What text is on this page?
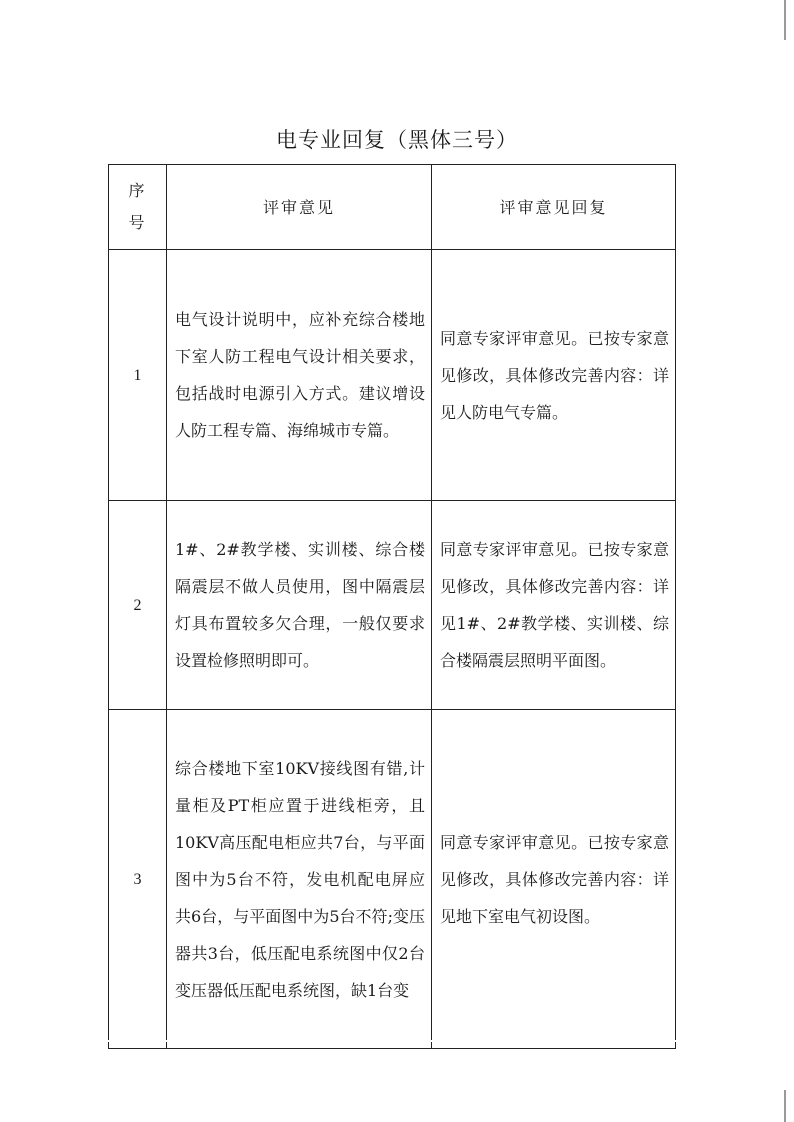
电专业回复（黑体三号）
序
号	评审意见	评审意见回复
1	电气设计说明中，应补充综合楼地下室人防工程电气设计相关要求，包括战时电源引入方式。建议增设人防工程专篇、海绵城市专篇。	同意专家评审意见。已按专家意见修改，具体修改完善内容：详见人防电气专篇。

2	1#、2#教学楼、实训楼、综合楼隔震层不做人员使用，图中隔震层灯具布置较多欠合理，一般仅要求设置检修照明即可。	同意专家评审意见。已按专家意见修改，具体修改完善内容：详见1#、2#教学楼、实训楼、综合楼隔震层照明平面图。

3	综合楼地下室10KV接线图有错,计量柜及PT柜应置于进线柜旁，且10KV高压配电柜应共7台，与平面图中为5台不符，发电机配电屏应共6台，与平面图中为5台不符;变压器共3台，低压配电系统图中仅2台变压器低压配电系统图，缺1台变	同意专家评审意见。已按专家意见修改，具体修改完善内容：详见地下室电气初设图。
